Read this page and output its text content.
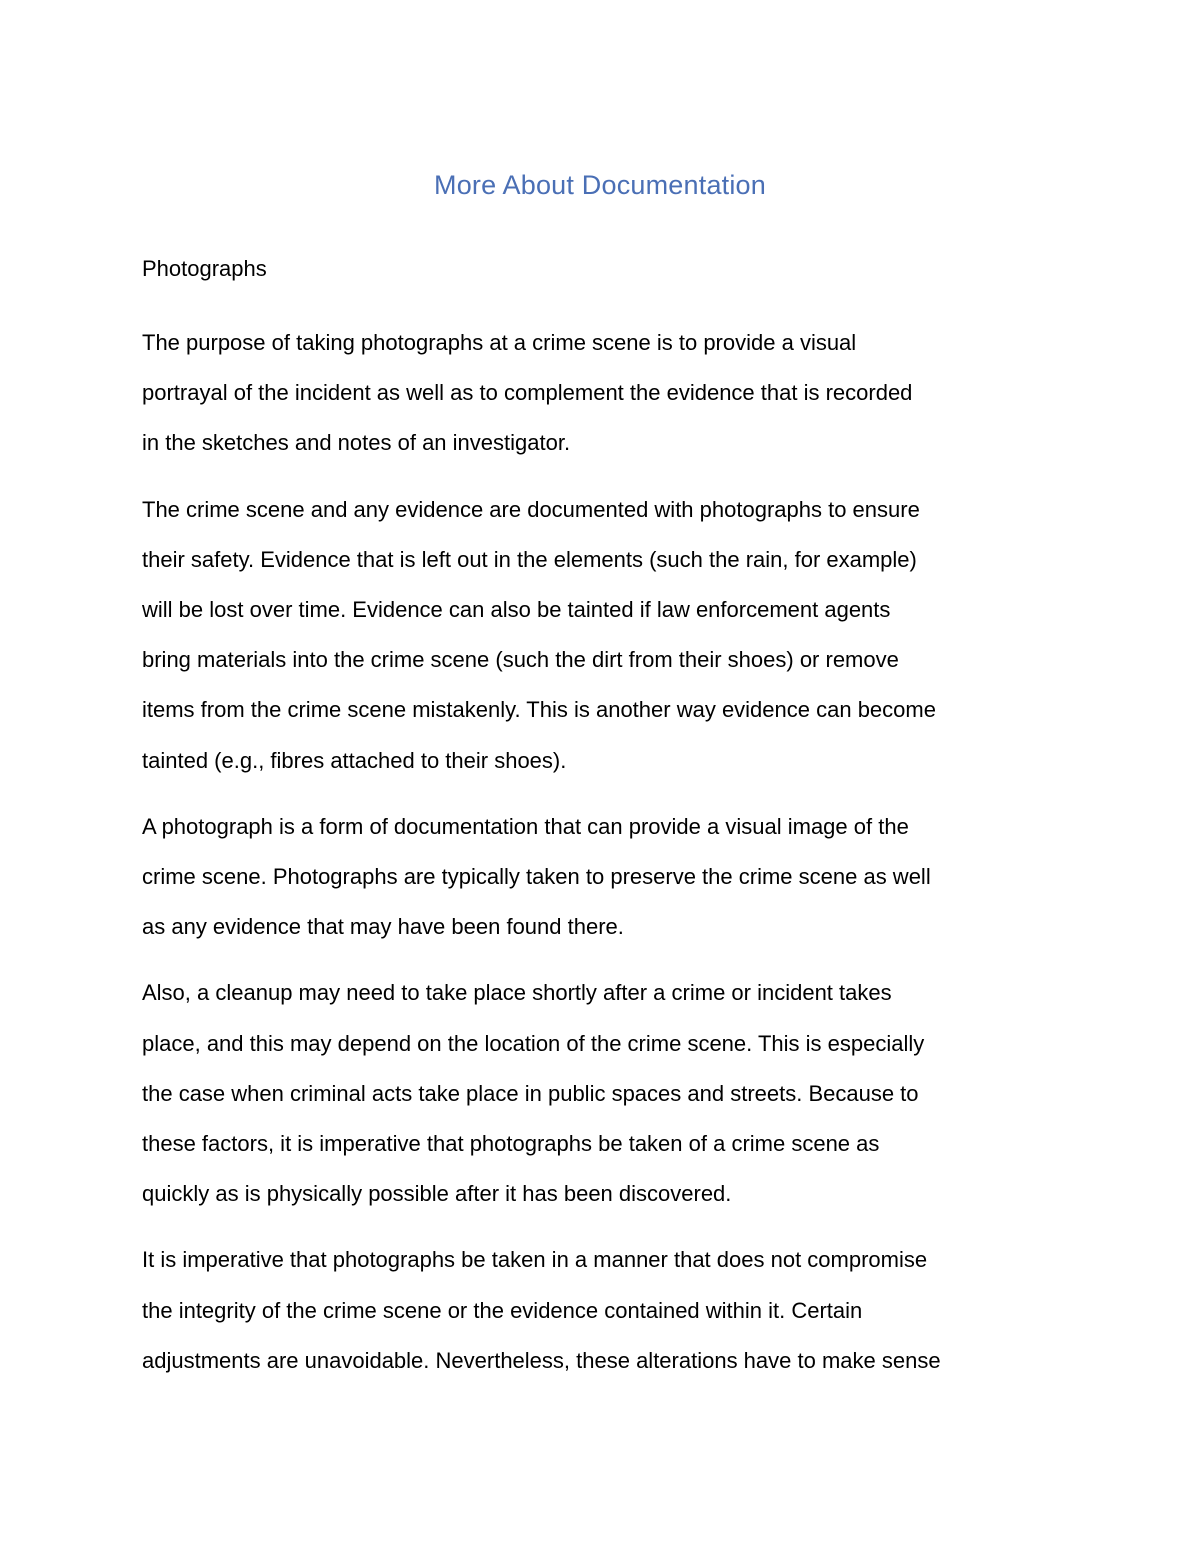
More About Documentation
Photographs

The purpose of taking photographs at a crime scene is to provide a visual
portrayal of the incident as well as to complement the evidence that is recorded
in the sketches and notes of an investigator.

The crime scene and any evidence are documented with photographs to ensure
their safety. Evidence that is left out in the elements (such the rain, for example)
will be lost over time. Evidence can also be tainted if law enforcement agents
bring materials into the crime scene (such the dirt from their shoes) or remove
items from the crime scene mistakenly. This is another way evidence can become
tainted (e.g., fibres attached to their shoes).

A photograph is a form of documentation that can provide a visual image of the
crime scene. Photographs are typically taken to preserve the crime scene as well
as any evidence that may have been found there.

Also, a cleanup may need to take place shortly after a crime or incident takes
place, and this may depend on the location of the crime scene. This is especially
the case when criminal acts take place in public spaces and streets. Because to
these factors, it is imperative that photographs be taken of a crime scene as
quickly as is physically possible after it has been discovered.

It is imperative that photographs be taken in a manner that does not compromise
the integrity of the crime scene or the evidence contained within it. Certain
adjustments are unavoidable. Nevertheless, these alterations have to make sense
